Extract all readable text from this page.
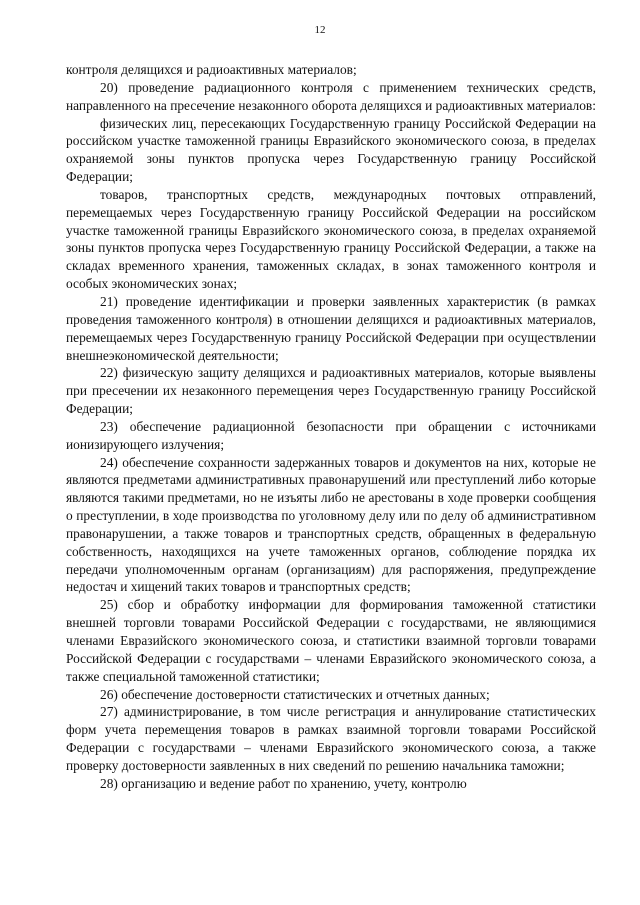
12

контроля делящихся и радиоактивных материалов;

20) проведение радиационного контроля с применением технических средств, направленного на пресечение незаконного оборота делящихся и радиоактивных материалов:

физических лиц, пересекающих Государственную границу Российской Федерации на российском участке таможенной границы Евразийского экономического союза, в пределах охраняемой зоны пунктов пропуска через Государственную границу Российской Федерации;

товаров, транспортных средств, международных почтовых отправлений, перемещаемых через Государственную границу Российской Федерации на российском участке таможенной границы Евразийского экономического союза, в пределах охраняемой зоны пунктов пропуска через Государственную границу Российской Федерации, а также на складах временного хранения, таможенных складах, в зонах таможенного контроля и особых экономических зонах;

21) проведение идентификации и проверки заявленных характеристик (в рамках проведения таможенного контроля) в отношении делящихся и радиоактивных материалов, перемещаемых через Государственную границу Российской Федерации при осуществлении внешнеэкономической деятельности;

22) физическую защиту делящихся и радиоактивных материалов, которые выявлены при пресечении их незаконного перемещения через Государственную границу Российской Федерации;

23) обеспечение радиационной безопасности при обращении с источниками ионизирующего излучения;

24) обеспечение сохранности задержанных товаров и документов на них, которые не являются предметами административных правонарушений или преступлений либо которые являются такими предметами, но не изъяты либо не арестованы в ходе проверки сообщения о преступлении, в ходе производства по уголовному делу или по делу об административном правонарушении, а также товаров и транспортных средств, обращенных в федеральную собственность, находящихся на учете таможенных органов, соблюдение порядка их передачи уполномоченным органам (организациям) для распоряжения, предупреждение недостач и хищений таких товаров и транспортных средств;

25) сбор и обработку информации для формирования таможенной статистики внешней торговли товарами Российской Федерации с государствами, не являющимися членами Евразийского экономического союза, и статистики взаимной торговли товарами Российской Федерации с государствами – членами Евразийского экономического союза, а также специальной таможенной статистики;

26) обеспечение достоверности статистических и отчетных данных;

27) администрирование, в том числе регистрация и аннулирование статистических форм учета перемещения товаров в рамках взаимной торговли товарами Российской Федерации с государствами – членами Евразийского экономического союза, а также проверку достоверности заявленных в них сведений по решению начальника таможни;

28) организацию и ведение работ по хранению, учету, контролю
